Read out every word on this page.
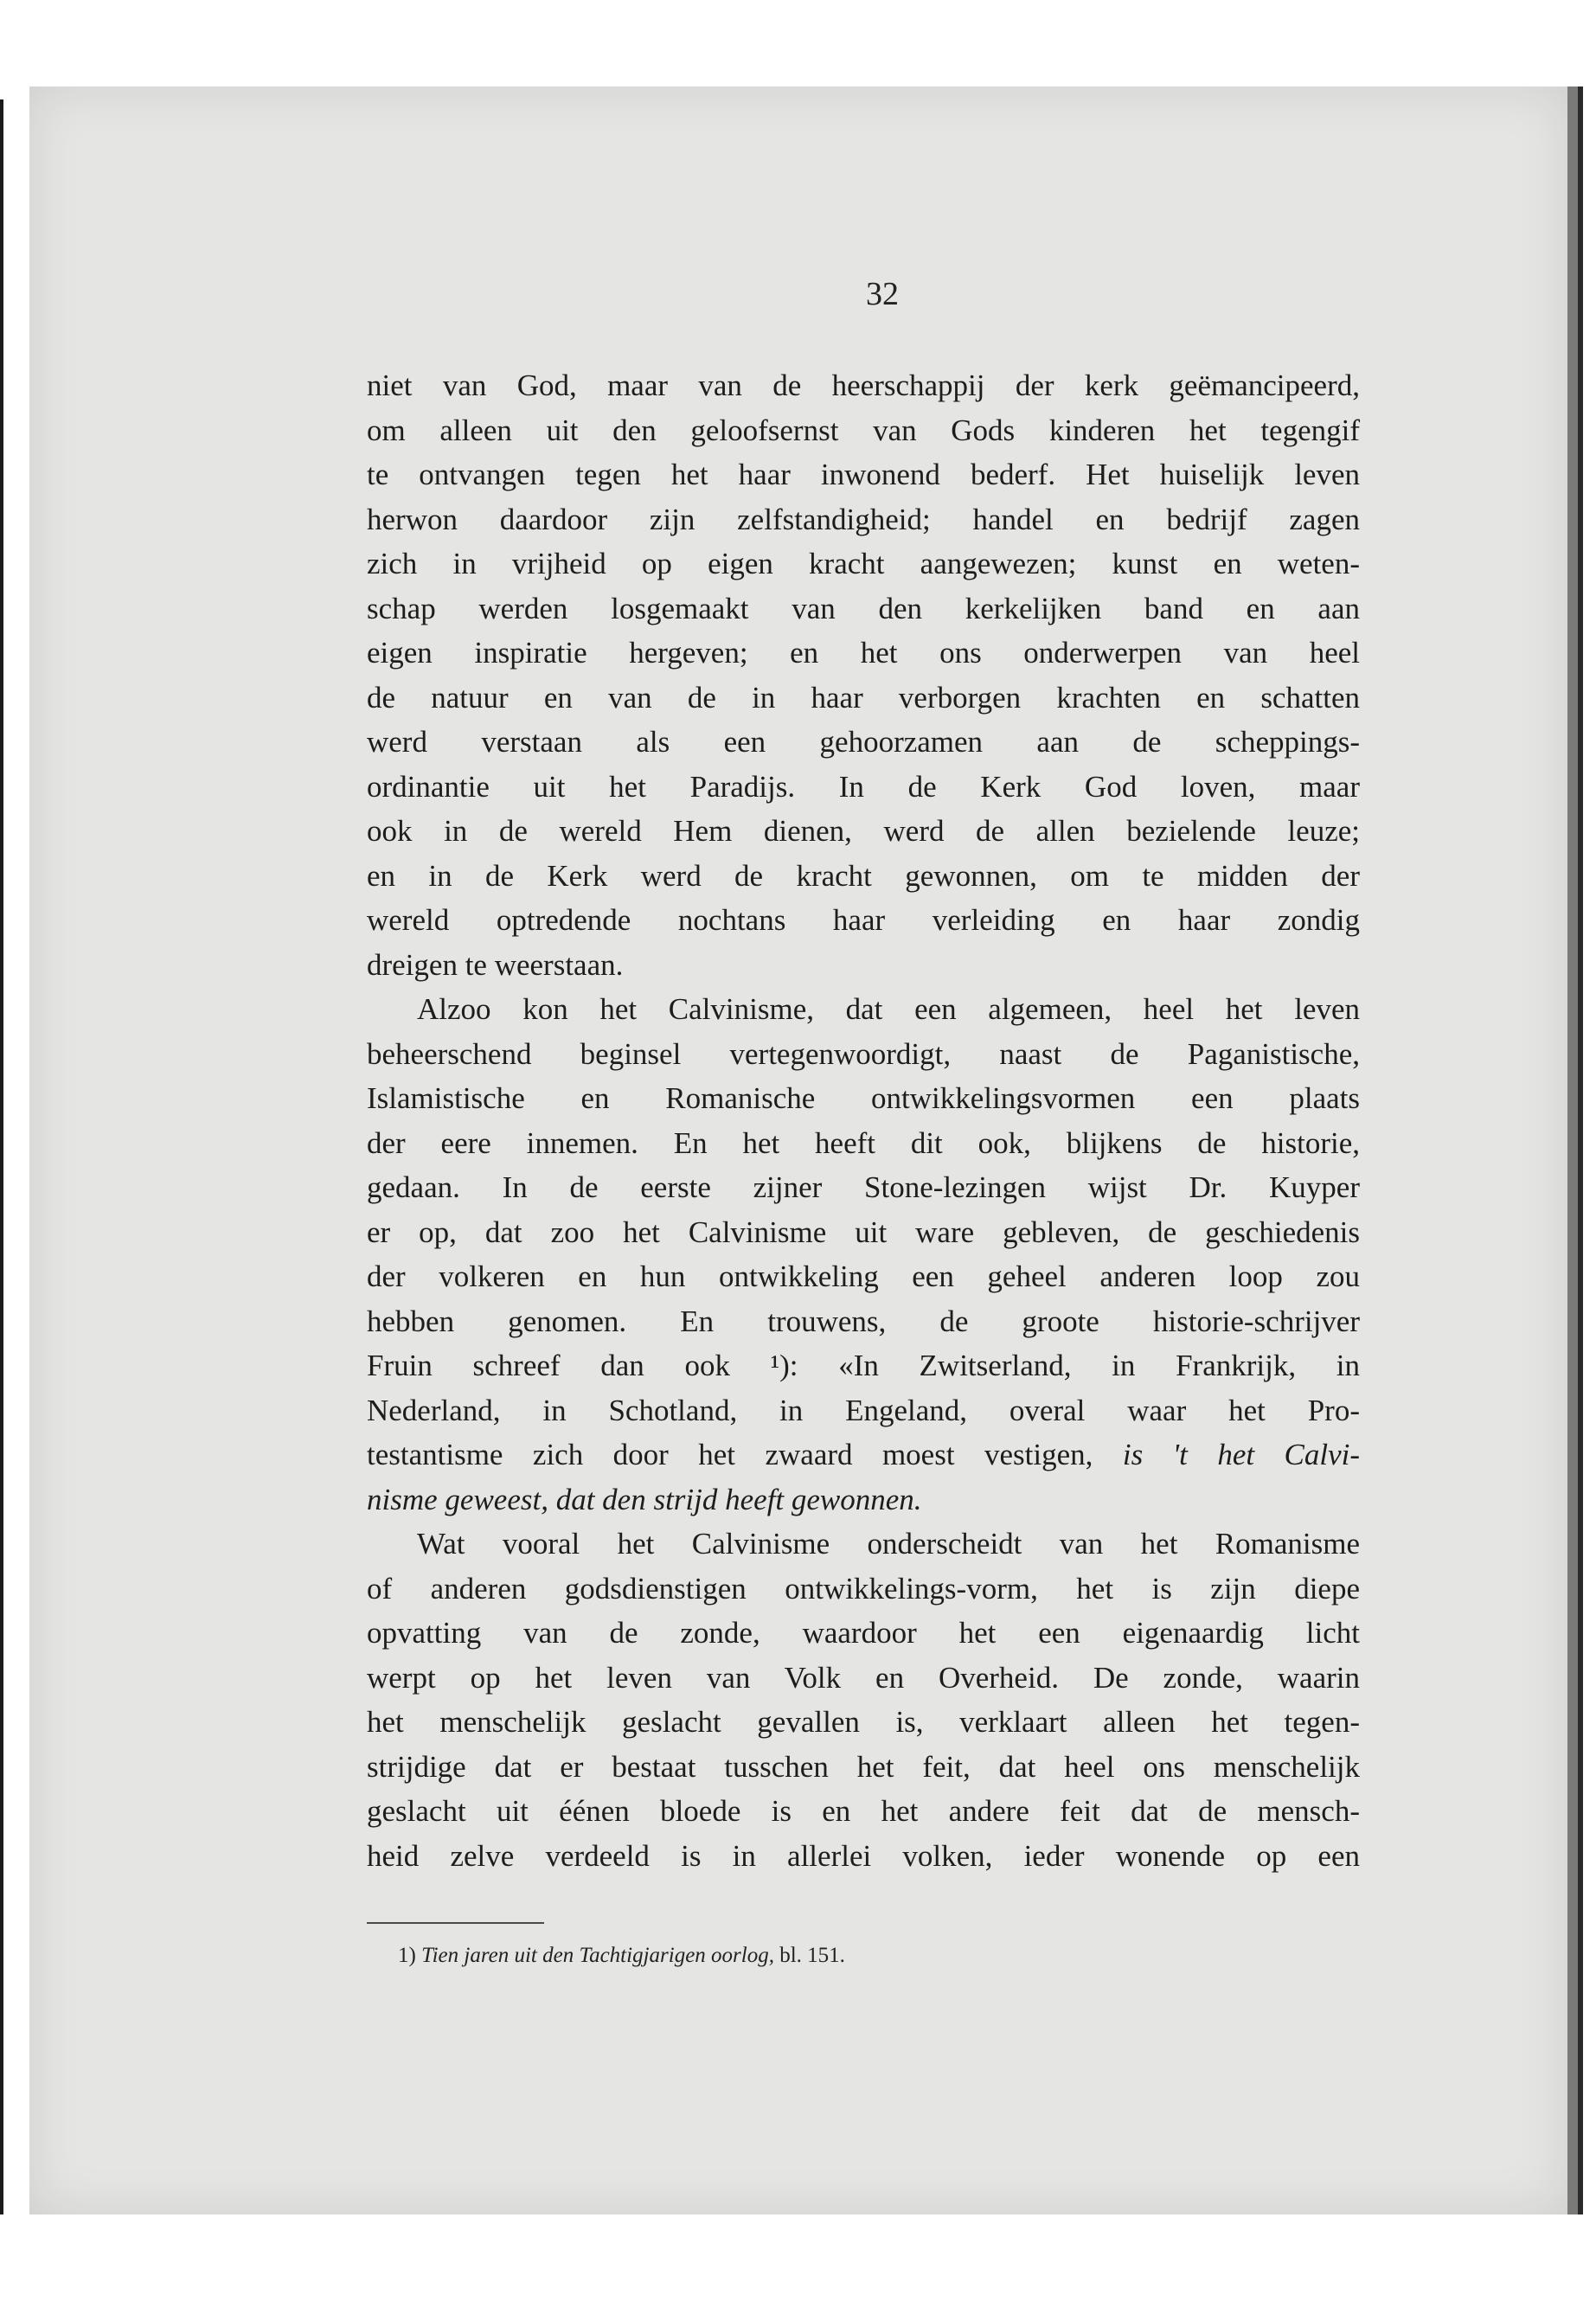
32
niet van God, maar van de heerschappij der kerk geëmancipeerd,
om alleen uit den geloofsernst van Gods kinderen het tegengif
te ontvangen tegen het haar inwonend bederf. Het huiselijk leven
herwon daardoor zijn zelfstandigheid; handel en bedrijf zagen
zich in vrijheid op eigen kracht aangewezen; kunst en weten-
schap werden losgemaakt van den kerkelijken band en aan
eigen inspiratie hergeven; en het ons onderwerpen van heel
de natuur en van de in haar verborgen krachten en schatten
werd verstaan als een gehoorzamen aan de scheppings-
ordinantie uit het Paradijs. In de Kerk God loven, maar
ook in de wereld Hem dienen, werd de allen bezielende leuze;
en in de Kerk werd de kracht gewonnen, om te midden der
wereld optredende nochtans haar verleiding en haar zondig
dreigen te weerstaan.
Alzoo kon het Calvinisme, dat een algemeen, heel het leven
beheerschend beginsel vertegenwoordigt, naast de Paganistische,
Islamistische en Romanische ontwikkelingsvormen een plaats
der eere innemen. En het heeft dit ook, blijkens de historie,
gedaan. In de eerste zijner Stone-lezingen wijst Dr. Kuyper
er op, dat zoo het Calvinisme uit ware gebleven, de geschiedenis
der volkeren en hun ontwikkeling een geheel anderen loop zou
hebben genomen. En trouwens, de groote historie-schrijver
Fruin schreef dan ook ¹): «In Zwitserland, in Frankrijk, in
Nederland, in Schotland, in Engeland, overal waar het Pro-
testantisme zich door het zwaard moest vestigen, is 't het Calvi-
nisme geweest, dat den strijd heeft gewonnen.
Wat vooral het Calvinisme onderscheidt van het Romanisme
of anderen godsdienstigen ontwikkelings-vorm, het is zijn diepe
opvatting van de zonde, waardoor het een eigenaardig licht
werpt op het leven van Volk en Overheid. De zonde, waarin
het menschelijk geslacht gevallen is, verklaart alleen het tegen-
strijdige dat er bestaat tusschen het feit, dat heel ons menschelijk
geslacht uit éénen bloede is en het andere feit dat de mensch-
heid zelve verdeeld is in allerlei volken, ieder wonende op een
1) Tien jaren uit den Tachtigjarigen oorlog, bl. 151.
